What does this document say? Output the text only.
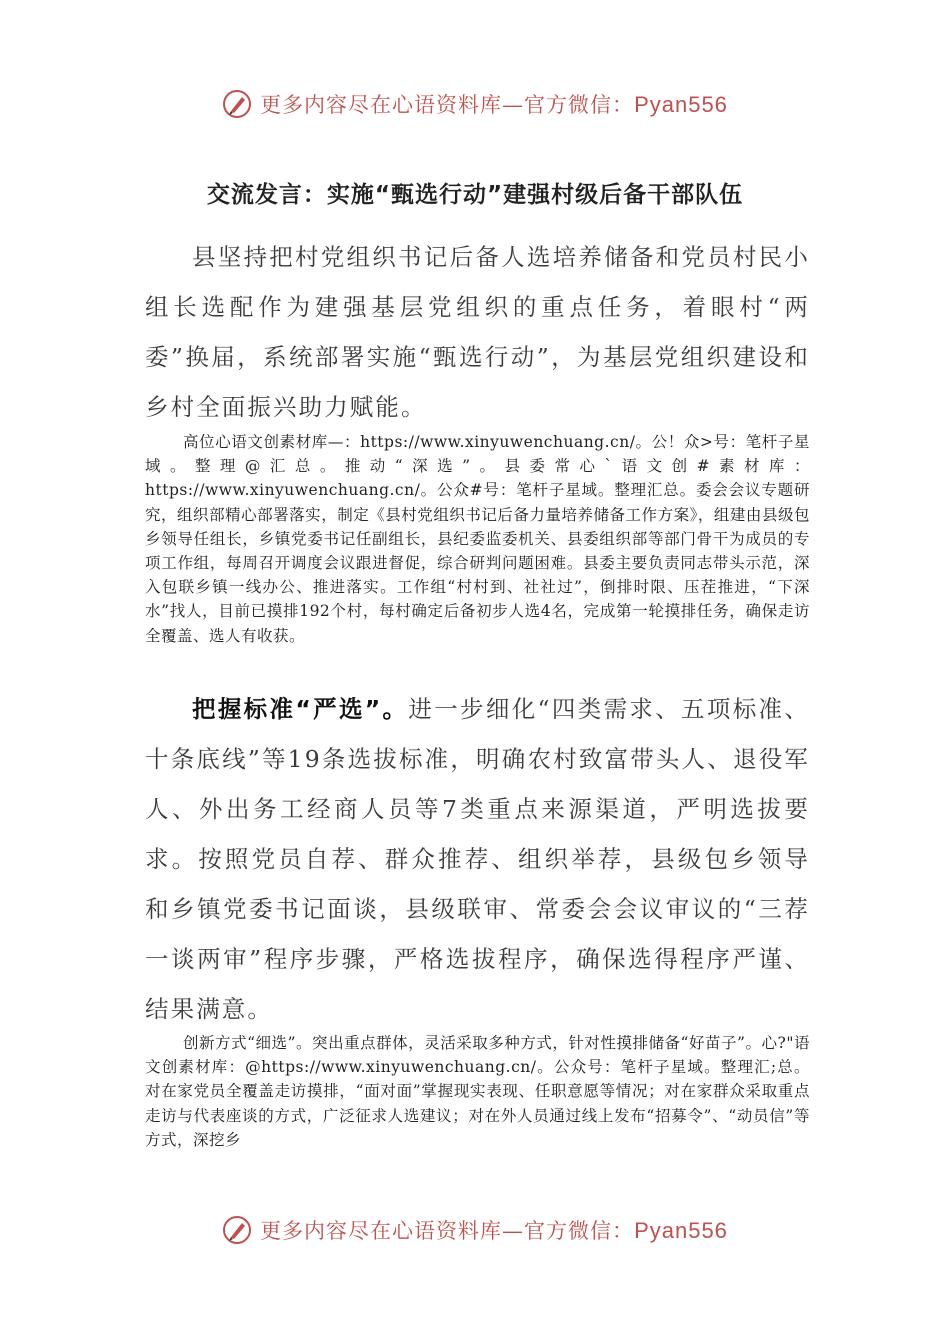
更多内容尽在心语资料库—官方微信：Pyan556
交流发言：实施“甄选行动”建强村级后备干部队伍

县坚持把村党组织书记后备人选培养储备和党员村民小组长选配作为建强基层党组织的重点任务，着眼村“两委”换届，系统部署实施“甄选行动”，为基层党组织建设和乡村全面振兴助力赋能。

高位心语文创素材库—：https://www.xinyuwenchuang.cn/。公！众>号：笔杆子星域。整理@汇总。推动“深选”。县委常心`语文创#素材库：https://www.xinyuwenchuang.cn/。公众#号：笔杆子星域。整理汇总。委会会议专题研究，组织部精心部署落实，制定《县村党组织书记后备力量培养储备工作方案》，组建由县级包乡领导任组长，乡镇党委书记任副组长，县纪委监委机关、县委组织部等部门骨干为成员的专项工作组，每周召开调度会议跟进督促，综合研判问题困难。县委主要负责同志带头示范，深入包联乡镇一线办公、推进落实。工作组“村村到、社社过”，倒排时限、压茬推进，“下深水”找人，目前已摸排192个村，每村确定后备初步人选4名，完成第一轮摸排任务，确保走访全覆盖、选人有收获。

把握标准“严选”。进一步细化“四类需求、五项标准、十条底线”等19条选拔标准，明确农村致富带头人、退役军人、外出务工经商人员等7类重点来源渠道，严明选拔要求。按照党员自荐、群众推荐、组织举荐，县级包乡领导和乡镇党委书记面谈，县级联审、常委会会议审议的“三荐一谈两审”程序步骤，严格选拔程序，确保选得程序严谨、结果满意。

创新方式“细选”。突出重点群体，灵活采取多种方式，针对性摸排储备“好苗子”。心?"语文创素材库：@https://www.xinyuwenchuang.cn/。公众号：笔杆子星域。整理汇;总。对在家党员全覆盖走访摸排，“面对面”掌握现实表现、任职意愿等情况；对在家群众采取重点走访与代表座谈的方式，广泛征求人选建议；对在外人员通过线上发布“招募令”、“动员信”等方式，深挖乡

更多内容尽在心语资料库—官方微信：Pyan556
